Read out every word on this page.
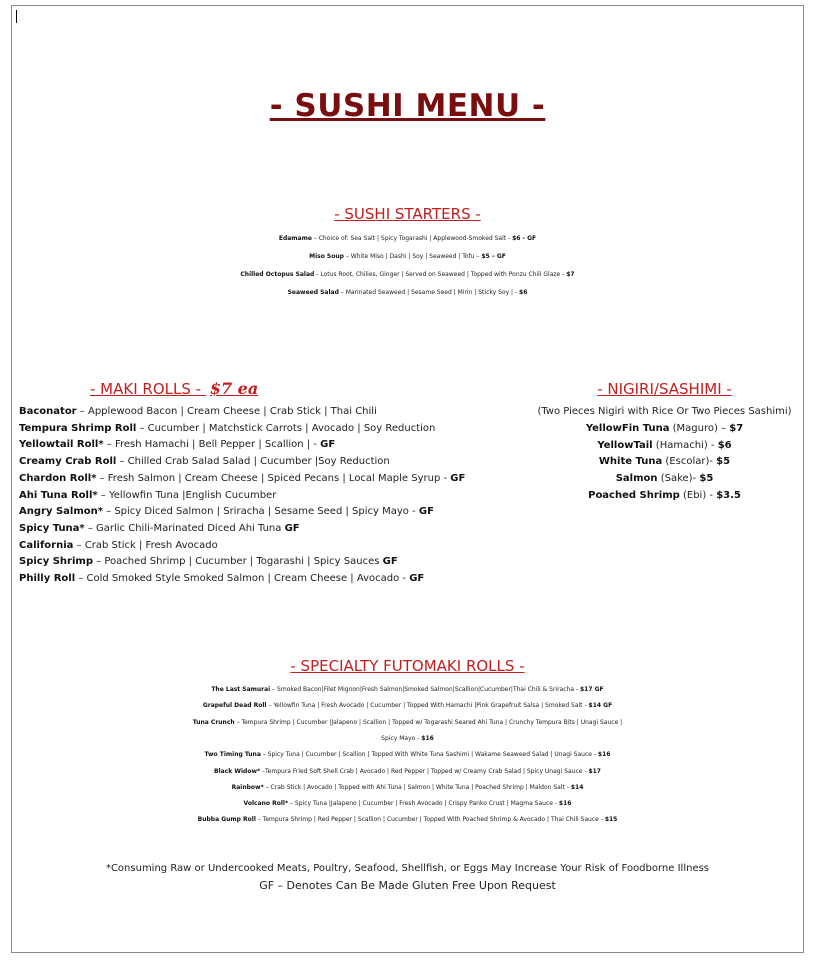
- SUSHI MENU -
- SUSHI STARTERS -
Edamame – Choice of: Sea Salt | Spicy Togarashi | Applewood-Smoked Salt - $6 - GF
Miso Soup – White Miso | Dashi | Soy | Seaweed | Tofu – $5 – GF
Chilled Octopus Salad - Lotus Root, Chilies, Ginger | Served on Seaweed | Topped with Ponzu Chili Glaze - $7
Seaweed Salad – Marinated Seaweed | Sesame Seed | Mirin | Sticky Soy | - $6
- MAKI ROLLS - $7 ea
Baconator – Applewood Bacon | Cream Cheese | Crab Stick | Thai Chili
Tempura Shrimp Roll – Cucumber | Matchstick Carrots | Avocado | Soy Reduction
Yellowtail Roll* – Fresh Hamachi | Bell Pepper | Scallion | - GF
Creamy Crab Roll – Chilled Crab Salad Salad | Cucumber |Soy Reduction
Chardon Roll* – Fresh Salmon | Cream Cheese | Spiced Pecans | Local Maple Syrup - GF
Ahi Tuna Roll* – Yellowfin Tuna |English Cucumber
Angry Salmon* – Spicy Diced Salmon | Sriracha | Sesame Seed | Spicy Mayo - GF
Spicy Tuna* – Garlic Chili-Marinated Diced Ahi Tuna GF
California – Crab Stick | Fresh Avocado
Spicy Shrimp – Poached Shrimp | Cucumber | Togarashi | Spicy Sauces GF
Philly Roll – Cold Smoked Style Smoked Salmon | Cream Cheese | Avocado - GF
- NIGIRI/SASHIMI -
(Two Pieces Nigiri with Rice Or Two Pieces Sashimi)
YellowFin Tuna (Maguro) – $7
YellowTail (Hamachi) - $6
White Tuna (Escolar)- $5
Salmon (Sake)- $5
Poached Shrimp (Ebi) - $3.5
- SPECIALTY FUTOMAKI ROLLS -
The Last Samurai – Smoked Bacon|Filet Mignon|Fresh Salmon|Smoked Salmon|Scallion|Cucumber|Thai Chili & Sriracha - $17 GF
Grapeful Dead Roll – Yellowfin Tuna | Fresh Avocado | Cucumber | Topped With Hamachi |Pink Grapefruit Salsa | Smoked Salt - $14 GF
Tuna Crunch – Tempura Shrimp | Cucumber |Jalapeno | Scallion | Topped w/ Togarashi Seared Ahi Tuna | Crunchy Tempura Bits | Unagi Sauce |
Spicy Mayo - $16
Two Timing Tuna – Spicy Tuna | Cucumber | Scallion | Topped With White Tuna Sashimi | Wakame Seaweed Salad | Unagi Sauce - $16
Black Widow* –Tempura Fried Soft Shell Crab | Avocado | Red Pepper | Topped w/ Creamy Crab Salad | Spicy Unagi Sauce - $17
Rainbow* – Crab Stick | Avocado | Topped with Ahi Tuna | Salmon | White Tuna | Poached Shrimp | Maldon Salt - $14
Volcano Roll* – Spicy Tuna |Jalapeno | Cucumber | Fresh Avocado | Crispy Panko Crust | Magma Sauce - $16
Bubba Gump Roll – Tempura Shrimp | Red Pepper | Scallion | Cucumber | Topped With Poached Shrimp & Avocado | Thai Chili Sauce - $15
*Consuming Raw or Undercooked Meats, Poultry, Seafood, Shellfish, or Eggs May Increase Your Risk of Foodborne Illness
GF – Denotes Can Be Made Gluten Free Upon Request
